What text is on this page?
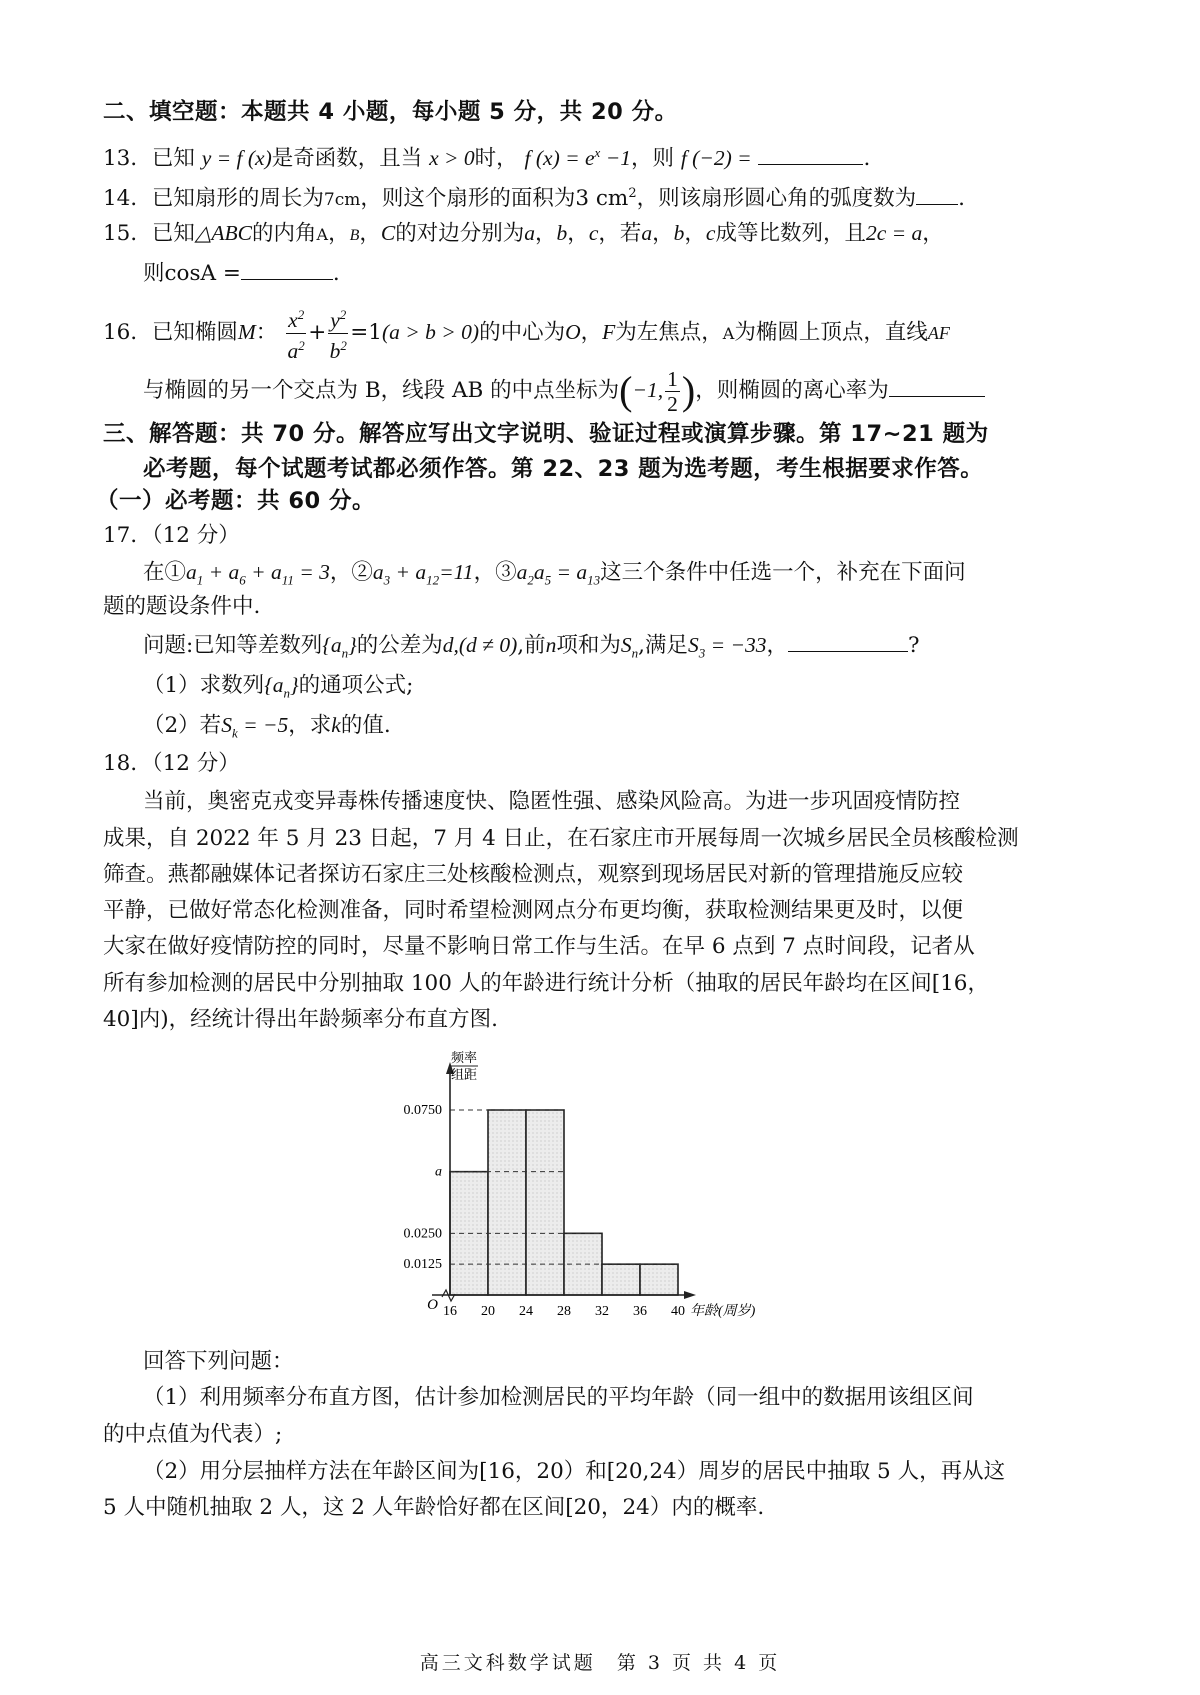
二、填空题：本题共 4 小题，每小题 5 分，共 20 分。
13．已知 y = f (x)是奇函数，且当 x > 0时， f $(x) = e^x -1$，则 f (−2) =	.
14．已知扇形的周长为7cm，则这个扇形的面积为3 $cm^2$，则该扇形圆心角的弧度数为 .
15．已知△ABC的内角A，B，C的对边分别为a，b，c，若a，b，c成等比数列，且2c = a，
则cosA =	.
16．已知椭圆M： $\frac{x^2}{a^2} + \frac{y^2}{b^2} =1(a > b > 0)$的中心为O，F为左焦点，A为椭圆上顶点，直线AF
与椭圆的另一个交点为 B，线段 AB 的中点坐标为(−1, $\frac{1}{2}$ )，则椭圆的离心率为
三、解答题：共 70 分。解答应写出文字说明、验证过程或演算步骤。第 17~21 题为
必考题，每个试题考试都必须作答。第 22、23 题为选考题，考生根据要求作答。
（一）必考题：共 60 分。
17．（12 分）
在$①a_1 + a_6 + a_{11} = 3$，$②a_3 + a_{12}=11$，$③a_2a_5 = a_{13}$这三个条件中任选一个，补充在下面问
题的题设条件中.
问题:已知等差数列$\{a_n\}$的公差为d,(d ≠ 0),前n项和为$S_n$,满足$S_3 = -33$，	?
（1）求数列$\{a_n\}$的通项公式;
（2）若$S_k = -5$，求k的值.
18．（12 分）
当前，奥密克戎变异毒株传播速度快、隐匿性强、感染风险高。为进一步巩固疫情防控
成果，自 2022 年 5 月 23 日起，7 月 4 日止，在石家庄市开展每周一次城乡居民全员核酸检测
筛查。燕都融媒体记者探访石家庄三处核酸检测点，观察到现场居民对新的管理措施反应较
平静，已做好常态化检测准备，同时希望检测网点分布更均衡，获取检测结果更及时，以便
大家在做好疫情防控的同时，尽量不影响日常工作与生活。在早 6 点到 7 点时间段，记者从
所有参加检测的居民中分别抽取 100 人的年龄进行统计分析（抽取的居民年龄均在区间[16，
40]内)，经统计得出年龄频率分布直方图.
0.0750
a
0.0250
0.0125
16 20 24 28 32 36 40
O	年龄(周岁)
频率
组距
回答下列问题：
（1）利用频率分布直方图，估计参加检测居民的平均年龄（同一组中的数据用该组区间
的中点值为代表）;
（2）用分层抽样方法在年龄区间为[16，20）和[20,24）周岁的居民中抽取 5 人，再从这
5 人中随机抽取 2 人，这 2 人年龄恰好都在区间[20，24）内的概率.
高三文科数学试题 第 3 页 共 4 页
